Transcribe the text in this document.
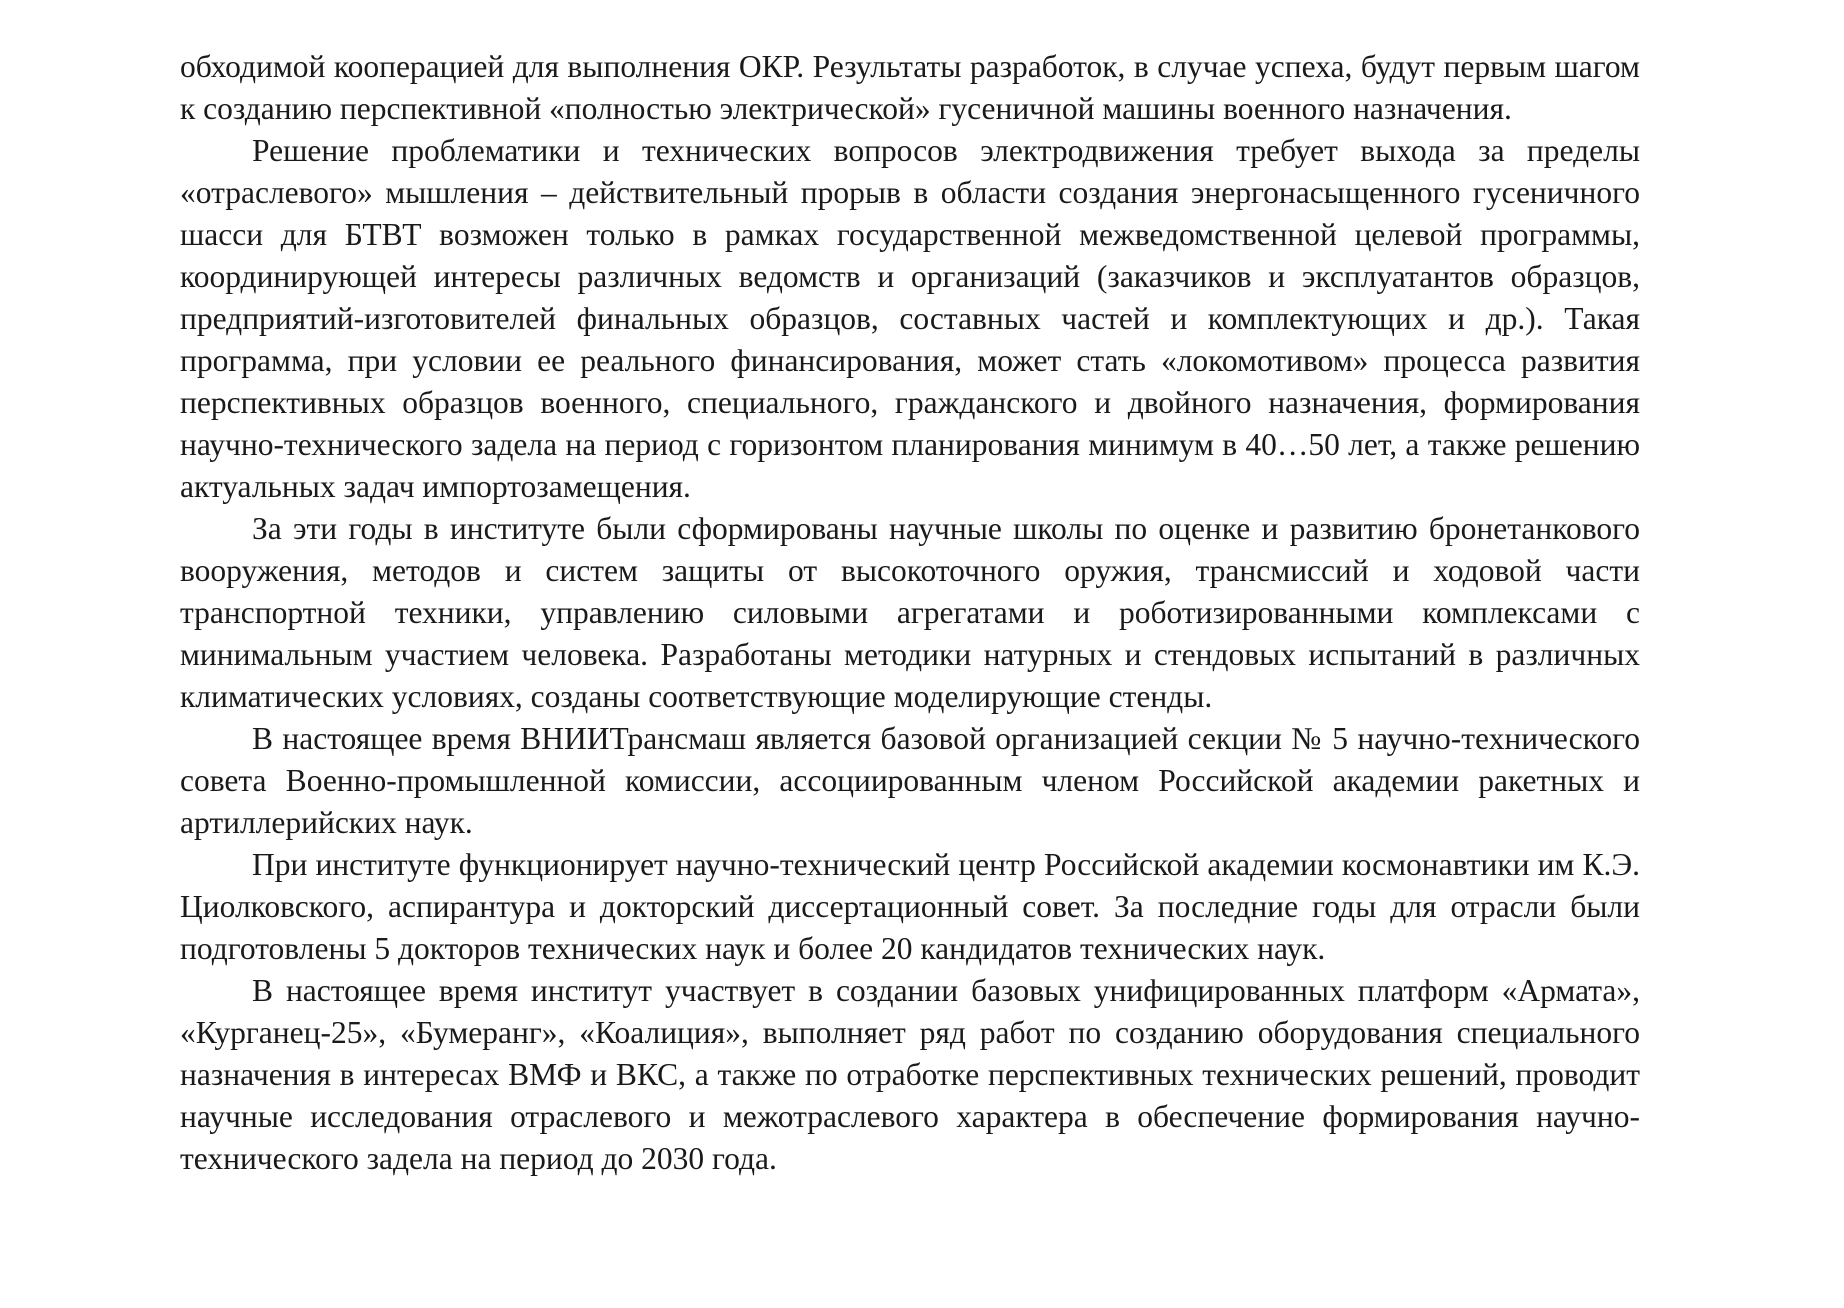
обходимой кооперацией для выполнения ОКР. Результаты разработок, в случае успеха, будут первым шагом к созданию перспективной «полностью электрической» гусеничной машины военного назначения.

Решение проблематики и технических вопросов электродвижения требует выхода за пределы «отраслевого» мышления – действительный прорыв в области создания энергонасыщенного гусеничного шасси для БТВТ возможен только в рамках государственной межведомственной целевой программы, координирующей интересы различных ведомств и организаций (заказчиков и эксплуатантов образцов, предприятий-изготовителей финальных образцов, составных частей и комплектующих и др.). Такая программа, при условии ее реального финансирования, может стать «локомотивом» процесса развития перспективных образцов военного, специального, гражданского и двойного назначения, формирования научно-технического задела на период с горизонтом планирования минимум в 40…50 лет, а также решению актуальных задач импортозамещения.

За эти годы в институте были сформированы научные школы по оценке и развитию бронетанкового вооружения, методов и систем защиты от высокоточного оружия, трансмиссий и ходовой части транспортной техники, управлению силовыми агрегатами и роботизированными комплексами с минимальным участием человека. Разработаны методики натурных и стендовых испытаний в различных климатических условиях, созданы соответствующие моделирующие стенды.

В настоящее время ВНИИТрансмаш является базовой организацией секции № 5 научно-технического совета Военно-промышленной комиссии, ассоциированным членом Российской академии ракетных и артиллерийских наук.

При институте функционирует научно-технический центр Российской академии космонавтики им К.Э. Циолковского, аспирантура и докторский диссертационный совет. За последние годы для отрасли были подготовлены 5 докторов технических наук и более 20 кандидатов технических наук.

В настоящее время институт участвует в создании базовых унифицированных платформ «Армата», «Курганец-25», «Бумеранг», «Коалиция», выполняет ряд работ по созданию оборудования специального назначения в интересах ВМФ и ВКС, а также по отработке перспективных технических решений, проводит научные исследования отраслевого и межотраслевого характера в обеспечение формирования научно-технического задела на период до 2030 года.
